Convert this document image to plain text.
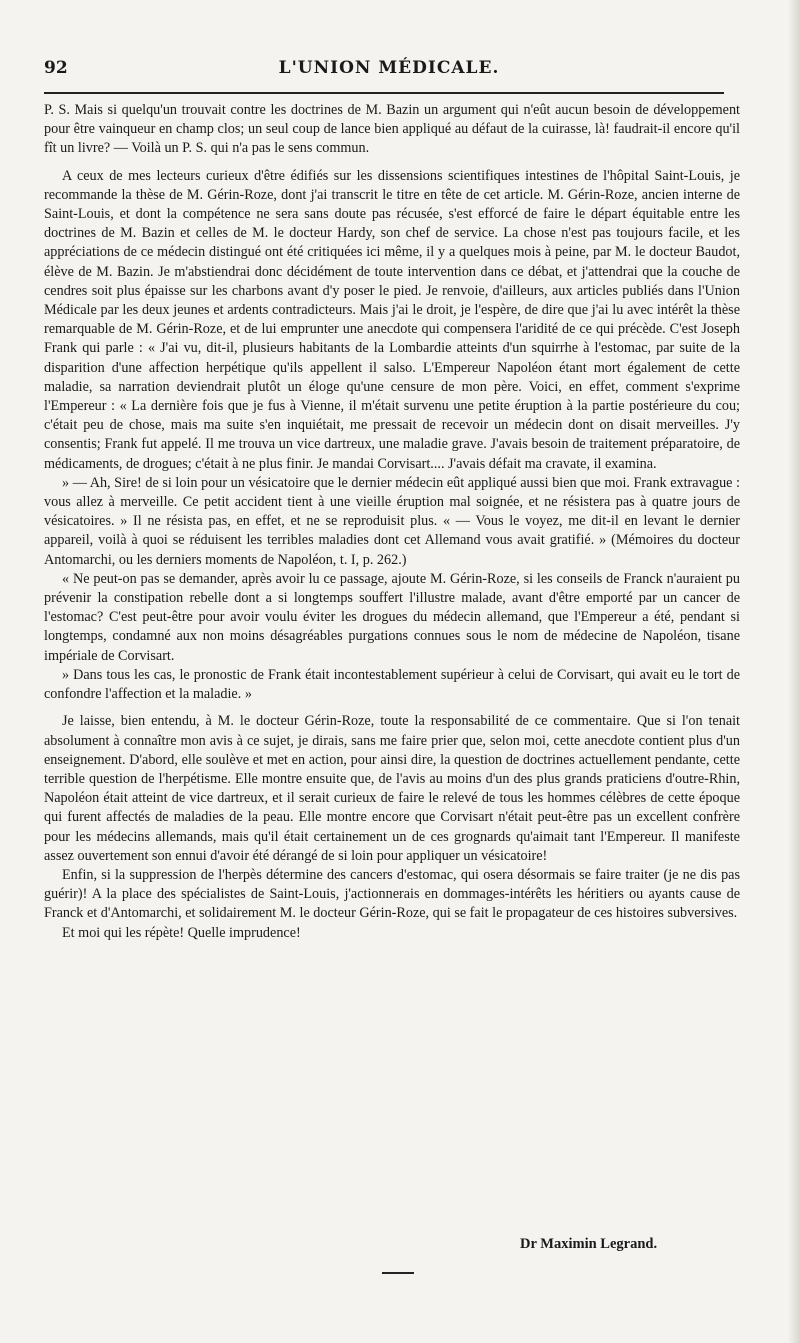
92	L'UNION MÉDICALE.

P. S. Mais si quelqu'un trouvait contre les doctrines de M. Bazin un argument qui n'eût aucun besoin de développement pour être vainqueur en champ clos; un seul coup de lance bien appliqué au défaut de la cuirasse, là! faudrait-il encore qu'il fît un livre? — Voilà un P. S. qui n'a pas le sens commun.

A ceux de mes lecteurs curieux d'être édifiés sur les dissensions scientifiques intestines de l'hôpital Saint-Louis, je recommande la thèse de M. Gérin-Roze, dont j'ai transcrit le titre en tête de cet article. M. Gérin-Roze, ancien interne de Saint-Louis, et dont la compétence ne sera sans doute pas récusée, s'est efforcé de faire le départ équitable entre les doctrines de M. Bazin et celles de M. le docteur Hardy, son chef de service. La chose n'est pas toujours facile, et les appréciations de ce médecin distingué ont été critiquées ici même, il y a quelques mois à peine, par M. le docteur Baudot, élève de M. Bazin. Je m'abstiendrai donc décidément de toute intervention dans ce débat, et j'attendrai que la couche de cendres soit plus épaisse sur les charbons avant d'y poser le pied. Je renvoie, d'ailleurs, aux articles publiés dans l'Union Médicale par les deux jeunes et ardents contradicteurs. Mais j'ai le droit, je l'espère, de dire que j'ai lu avec intérêt la thèse remarquable de M. Gérin-Roze, et de lui emprunter une anecdote qui compensera l'aridité de ce qui précède. C'est Joseph Frank qui parle : « J'ai vu, dit-il, plusieurs habitants de la Lombardie atteints d'un squirrhe à l'estomac, par suite de la disparition d'une affection herpétique qu'ils appellent il salso. L'Empereur Napoléon étant mort également de cette maladie, sa narration deviendrait plutôt un éloge qu'une censure de mon père. Voici, en effet, comment s'exprime l'Empereur : « La dernière fois que je fus à Vienne, il m'était survenu une petite éruption à la partie postérieure du cou; c'était peu de chose, mais ma suite s'en inquiétait, me pressait de recevoir un médecin dont on disait merveilles. J'y consentis; Frank fut appelé. Il me trouva un vice dartreux, une maladie grave. J'avais besoin de traitement préparatoire, de médicaments, de drogues; c'était à ne plus finir. Je mandai Corvisart.... J'avais défait ma cravate, il examina.

» — Ah, Sire! de si loin pour un vésicatoire que le dernier médecin eût appliqué aussi bien que moi. Frank extravague : vous allez à merveille. Ce petit accident tient à une vieille éruption mal soignée, et ne résistera pas à quatre jours de vésicatoires. » Il ne résista pas, en effet, et ne se reproduisit plus. « — Vous le voyez, me dit-il en levant le dernier appareil, voilà à quoi se réduisent les terribles maladies dont cet Allemand vous avait gratifié. » (Mémoires du docteur Antomarchi, ou les derniers moments de Napoléon, t. I, p. 262.)

« Ne peut-on pas se demander, après avoir lu ce passage, ajoute M. Gérin-Roze, si les conseils de Franck n'auraient pu prévenir la constipation rebelle dont a si longtemps souffert l'illustre malade, avant d'être emporté par un cancer de l'estomac? C'est peut-être pour avoir voulu éviter les drogues du médecin allemand, que l'Empereur a été, pendant si longtemps, condamné aux non moins désagréables purgations connues sous le nom de médecine de Napoléon, tisane impériale de Corvisart.

» Dans tous les cas, le pronostic de Frank était incontestablement supérieur à celui de Corvisart, qui avait eu le tort de confondre l'affection et la maladie. »

Je laisse, bien entendu, à M. le docteur Gérin-Roze, toute la responsabilité de ce commentaire. Que si l'on tenait absolument à connaître mon avis à ce sujet, je dirais, sans me faire prier que, selon moi, cette anecdote contient plus d'un enseignement. D'abord, elle soulève et met en action, pour ainsi dire, la question de doctrines actuellement pendante, cette terrible question de l'herpétisme. Elle montre ensuite que, de l'avis au moins d'un des plus grands praticiens d'outre-Rhin, Napoléon était atteint de vice dartreux, et il serait curieux de faire le relevé de tous les hommes célèbres de cette époque qui furent affectés de maladies de la peau. Elle montre encore que Corvisart n'était peut-être pas un excellent confrère pour les médecins allemands, mais qu'il était certainement un de ces grognards qu'aimait tant l'Empereur. Il manifeste assez ouvertement son ennui d'avoir été dérangé de si loin pour appliquer un vésicatoire!

Enfin, si la suppression de l'herpès détermine des cancers d'estomac, qui osera désormais se faire traiter (je ne dis pas guérir)! A la place des spécialistes de Saint-Louis, j'actionnerais en dommages-intérêts les héritiers ou ayants cause de Franck et d'Antomarchi, et solidairement M. le docteur Gérin-Roze, qui se fait le propagateur de ces histoires subversives.

Et moi qui les répète! Quelle imprudence!

Dr Maximin Legrand.
